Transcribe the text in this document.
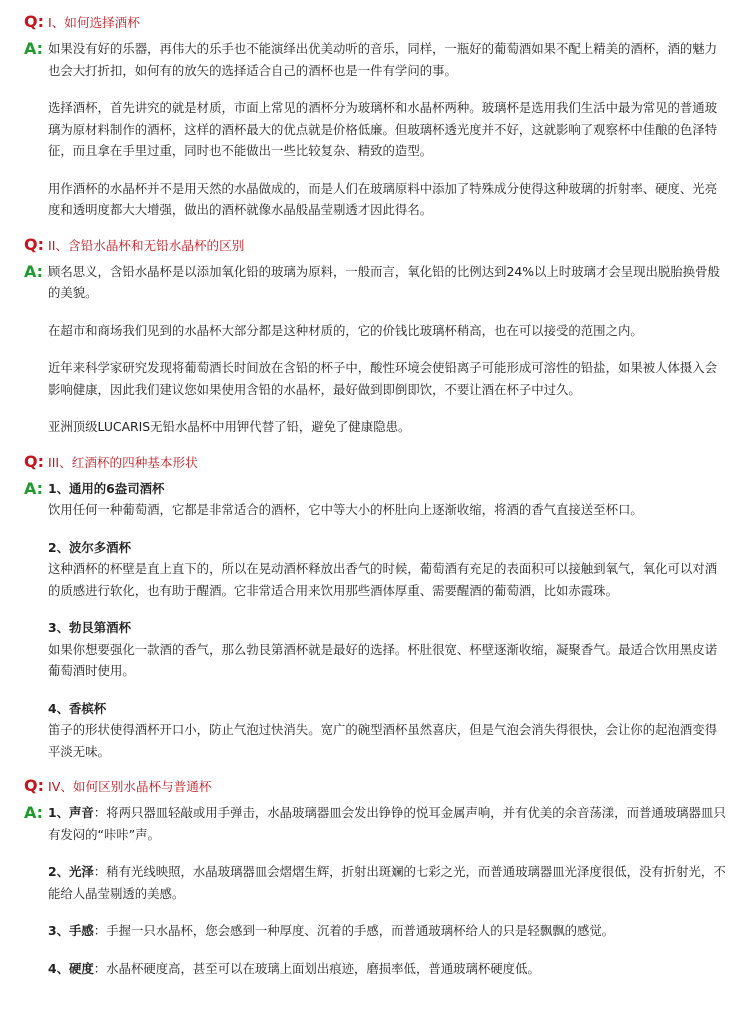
Q: I、如何选择酒杯
A: 如果没有好的乐器，再伟大的乐手也不能演绎出优美动听的音乐，同样，一瓶好的葡萄酒如果不配上精美的酒杯，酒的魅力也会大打折扣，如何有的放矢的选择适合自己的酒杯也是一件有学问的事。

选择酒杯，首先讲究的就是材质，市面上常见的酒杯分为玻璃杯和水晶杯两种。玻璃杯是选用我们生活中最为常见的普通玻璃为原材料制作的酒杯，这样的酒杯最大的优点就是价格低廉。但玻璃杯透光度并不好，这就影响了观察杯中佳酿的色泽特征，而且拿在手里过重，同时也不能做出一些比较复杂、精致的造型。

用作酒杯的水晶杯并不是用天然的水晶做成的，而是人们在玻璃原料中添加了特殊成分使得这种玻璃的折射率、硬度、光亮度和透明度都大大增强，做出的酒杯就像水晶般晶莹剔透才因此得名。

Q: II、含铅水晶杯和无铅水晶杯的区别
A: 顾名思义，含铅水晶杯是以添加氧化铅的玻璃为原料，一般而言，氧化铅的比例达到24%以上时玻璃才会呈现出脱胎换骨般的美貌。

在超市和商场我们见到的水晶杯大部分都是这种材质的，它的价钱比玻璃杯稍高，也在可以接受的范围之内。

近年来科学家研究发现将葡萄酒长时间放在含铅的杯子中，酸性环境会使铅离子可能形成可溶性的铅盐，如果被人体摄入会影响健康，因此我们建议您如果使用含铅的水晶杯，最好做到即倒即饮，不要让酒在杯子中过久。

亚洲顶级LUCARIS无铅水晶杯中用钾代替了铅，避免了健康隐患。

Q: III、红酒杯的四种基本形状
A: 1、通用的6盎司酒杯
饮用任何一种葡萄酒，它都是非常适合的酒杯，它中等大小的杯肚向上逐渐收缩，将酒的香气直接送至杯口。
2、波尔多酒杯
这种酒杯的杯壁是直上直下的，所以在晃动酒杯释放出香气的时候，葡萄酒有充足的表面积可以接触到氧气，氧化可以对酒的质感进行软化，也有助于醒酒。它非常适合用来饮用那些酒体厚重、需要醒酒的葡萄酒，比如赤霞珠。
3、勃艮第酒杯
如果你想要强化一款酒的香气，那么勃艮第酒杯就是最好的选择。杯肚很宽、杯壁逐渐收缩，凝聚香气。最适合饮用黑皮诺葡萄酒时使用。
4、香槟杯
笛子的形状使得酒杯开口小，防止气泡过快消失。宽广的碗型酒杯虽然喜庆，但是气泡会消失得很快，会让你的起泡酒变得平淡无味。
Q: IV、如何区别水晶杯与普通杯
A: 1、声音：将两只器皿轻敲或用手弹击，水晶玻璃器皿会发出铮铮的悦耳金属声响，并有优美的余音荡漾，而普通玻璃器皿只有发闷的“咔咔”声。

2、光泽：稍有光线映照，水晶玻璃器皿会熠熠生辉，折射出斑斓的七彩之光，而普通玻璃器皿光泽度很低，没有折射光，不能给人晶莹剔透的美感。

3、手感：手握一只水晶杯，您会感到一种厚度、沉着的手感，而普通玻璃杯给人的只是轻飘飘的感觉。

4、硬度：水晶杯硬度高，甚至可以在玻璃上面划出痕迹，磨损率低，普通玻璃杯硬度低。
